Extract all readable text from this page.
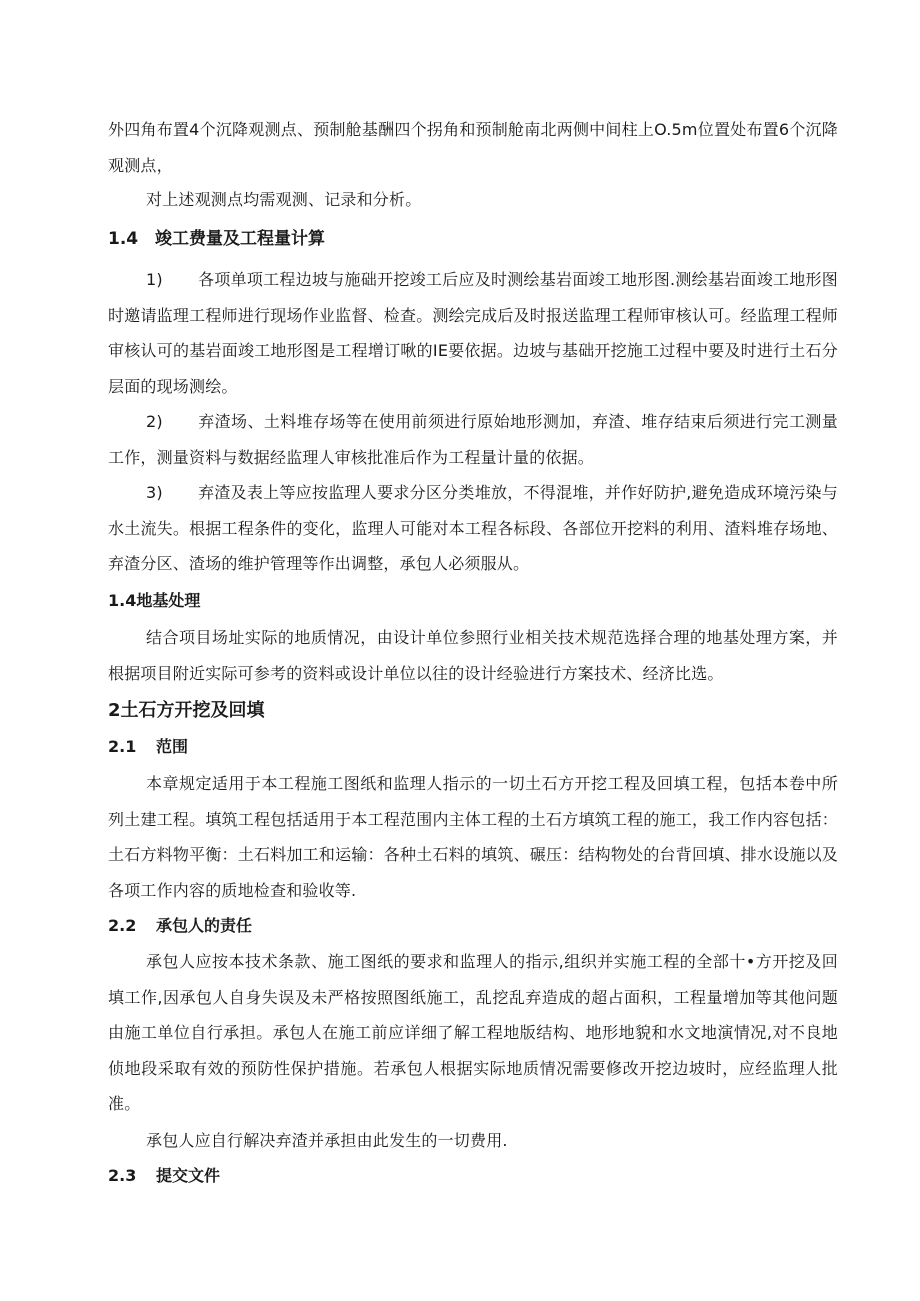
外四角布置4个沉降观测点、预制舱基酬四个拐角和预制舱南北两侧中间柱上O.5m位置处布置6个沉降观测点，

对上述观测点均需观测、记录和分析。

1.4 竣工费量及工程量计算

1) 各项单项工程边坡与施础开挖竣工后应及时测绘基岩面竣工地形图.测绘基岩面竣工地形图时邀请监理工程师进行现场作业监督、检查。测绘完成后及时报送监理工程师审核认可。经监理工程师审核认可的基岩面竣工地形图是工程增订啾的IE要依据。边坡与基础开挖施工过程中要及时进行土石分层面的现场测绘。

2) 弃渣场、土料堆存场等在使用前须进行原始地形测加，弃渣、堆存结束后须进行完工测量工作，测量资料与数据经监理人审核批准后作为工程量计量的依据。

3) 弃渣及表上等应按监理人要求分区分类堆放，不得混堆，并作好防护,避免造成环境污染与水土流失。根据工程条件的变化，监理人可能对本工程各标段、各部位开挖料的利用、渣料堆存场地、弃渣分区、渣场的维护管理等作出调整，承包人必须服从。

1.4地基处理

结合项目场址实际的地质情况，由设计单位参照行业相关技术规范选择合理的地基处理方案，并根据项目附近实际可参考的资料或设计单位以往的设计经验进行方案技术、经济比选。

2土石方开挖及回填
2.1 范围

本章规定适用于本工程施工图纸和监理人指示的一切土石方开挖工程及回填工程，包括本卷中所列土建工程。填筑工程包括适用于本工程范围内主体工程的土石方填筑工程的施工，我工作内容包括：土石方料物平衡：土石料加工和运输：各种土石料的填筑、碾压：结构物处的台背回填、排水设施以及各项工作内容的质地检查和验收等.

2.2 承包人的责任

承包人应按本技术条款、施工图纸的要求和监理人的指示,组织并实施工程的全部十•方开挖及回填工作,因承包人自身失误及未严格按照图纸施工，乱挖乱弃造成的超占面积，工程量增加等其他问题由施工单位自行承担。承包人在施工前应详细了解工程地版结构、地形地貌和水文地演情况,对不良地侦地段采取有效的预防性保护措施。若承包人根据实际地质情况需要修改开挖边坡时，应经监理人批准。

承包人应自行解决弃渣并承担由此发生的一切费用.

2.3 提交文件
